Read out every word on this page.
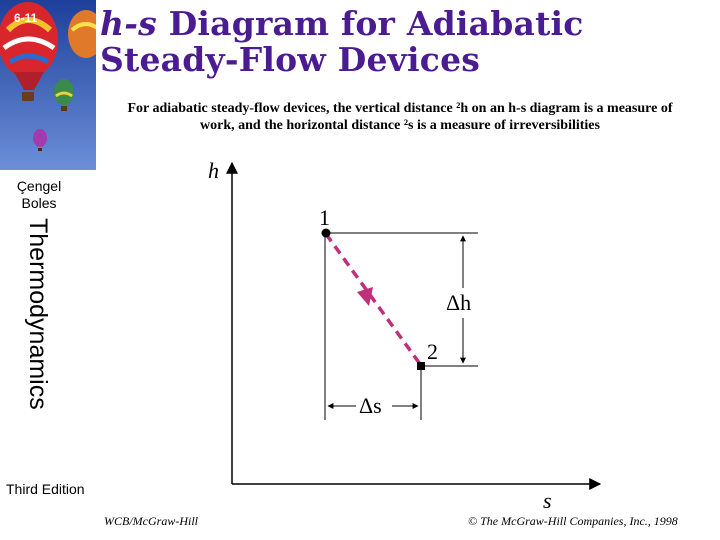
6-11
Çengel
Boles
Thermodynamics
Third Edition
h-s Diagram for Adiabatic Steady-Flow Devices
For adiabatic steady-flow devices, the vertical distance ²h on an h-s diagram is a measure of work, and the horizontal distance ²s is a measure of irreversibilities
h
s
1
2
Δh
Δs
WCB/McGraw-Hill	© The McGraw-Hill Companies, Inc., 1998
